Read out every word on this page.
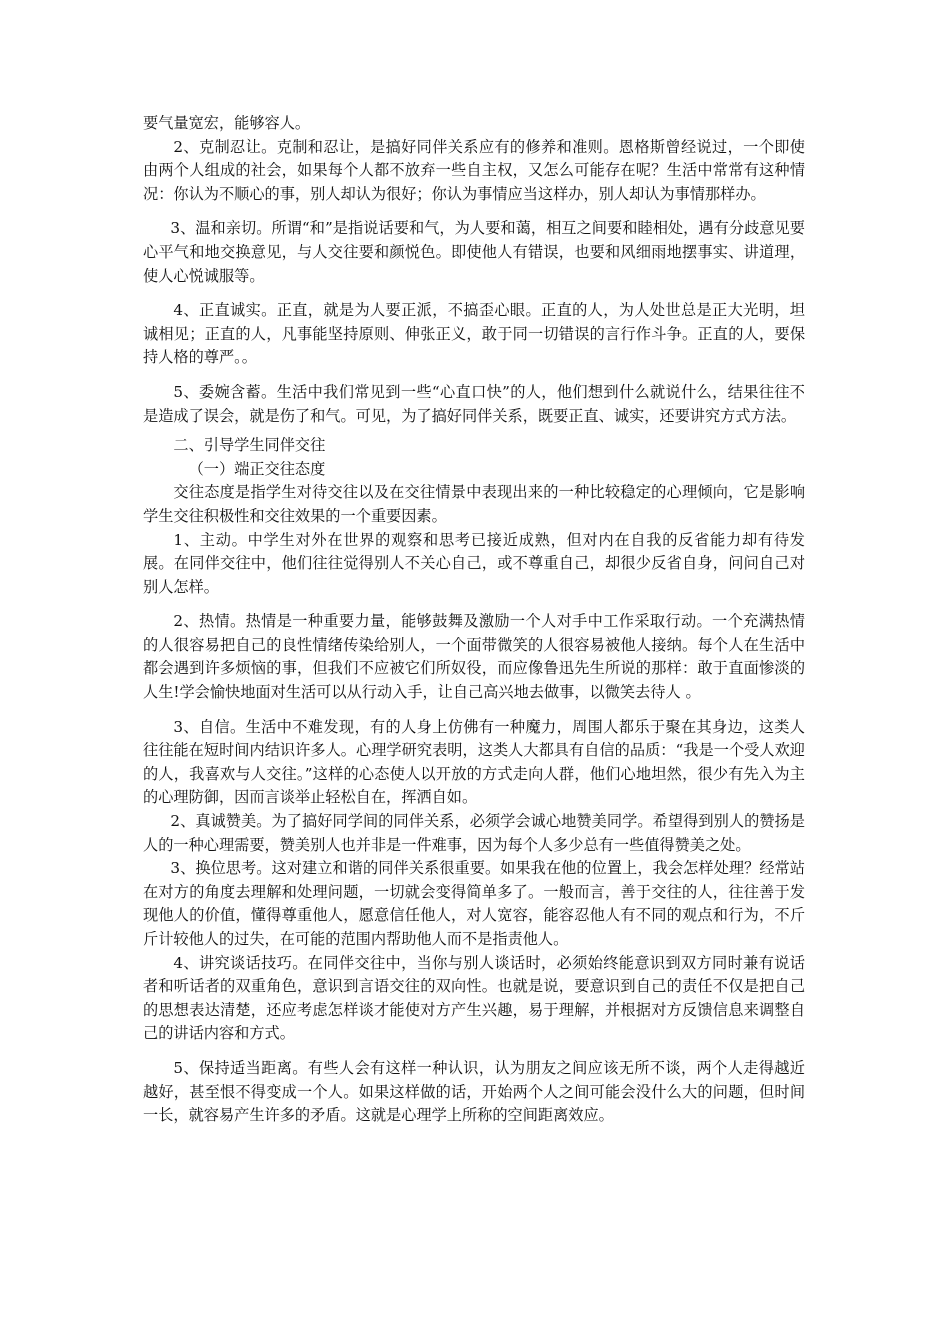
要气量宽宏，能够容人。

2、克制忍让。克制和忍让，是搞好同伴关系应有的修养和准则。恩格斯曾经说过，一个即使由两个人组成的社会，如果每个人都不放弃一些自主权，又怎么可能存在呢？生活中常常有这种情况：你认为不顺心的事，别人却认为很好；你认为事情应当这样办，别人却认为事情那样办。

3、温和亲切。所谓“和”是指说话要和气，为人要和蔼，相互之间要和睦相处，遇有分歧意见要心平气和地交换意见，与人交往要和颜悦色。即使他人有错误，也要和风细雨地摆事实、讲道理，使人心悦诚服等。

4、正直诚实。正直，就是为人要正派，不搞歪心眼。正直的人，为人处世总是正大光明，坦诚相见；正直的人，凡事能坚持原则、伸张正义，敢于同一切错误的言行作斗争。正直的人，要保持人格的尊严。。

5、委婉含蓄。生活中我们常见到一些“心直口快”的人，他们想到什么就说什么，结果往往不是造成了误会，就是伤了和气。可见，为了搞好同伴关系，既要正直、诚实，还要讲究方式方法。

二、引导学生同伴交往

（一）端正交往态度

交往态度是指学生对待交往以及在交往情景中表现出来的一种比较稳定的心理倾向，它是影响学生交往积极性和交往效果的一个重要因素。

1、主动。中学生对外在世界的观察和思考已接近成熟，但对内在自我的反省能力却有待发展。在同伴交往中，他们往往觉得别人不关心自己，或不尊重自己，却很少反省自身，问问自己对别人怎样。

2、热情。热情是一种重要力量，能够鼓舞及激励一个人对手中工作采取行动。一个充满热情的人很容易把自己的良性情绪传染给别人，一个面带微笑的人很容易被他人接纳。每个人在生活中都会遇到许多烦恼的事，但我们不应被它们所奴役，而应像鲁迅先生所说的那样：敢于直面惨淡的人生!学会愉快地面对生活可以从行动入手，让自己高兴地去做事，以微笑去待人 。

3、自信。生活中不难发现，有的人身上仿佛有一种魔力，周围人都乐于聚在其身边，这类人往往能在短时间内结识许多人。心理学研究表明，这类人大都具有自信的品质：“我是一个受人欢迎的人，我喜欢与人交往。”这样的心态使人以开放的方式走向人群，他们心地坦然，很少有先入为主的心理防御，因而言谈举止轻松自在，挥洒自如。

2、真诚赞美。为了搞好同学间的同伴关系，必须学会诚心地赞美同学。希望得到别人的赞扬是人的一种心理需要，赞美别人也并非是一件难事，因为每个人多少总有一些值得赞美之处。

3、换位思考。这对建立和谐的同伴关系很重要。如果我在他的位置上，我会怎样处理？经常站在对方的角度去理解和处理问题，一切就会变得简单多了。一般而言，善于交往的人，往往善于发现他人的价值，懂得尊重他人，愿意信任他人，对人宽容，能容忍他人有不同的观点和行为，不斤斤计较他人的过失，在可能的范围内帮助他人而不是指责他人。

4、讲究谈话技巧。在同伴交往中，当你与别人谈话时，必须始终能意识到双方同时兼有说话者和听话者的双重角色，意识到言语交往的双向性。也就是说，要意识到自己的责任不仅是把自己的思想表达清楚，还应考虑怎样谈才能使对方产生兴趣，易于理解，并根据对方反馈信息来调整自己的讲话内容和方式。

5、保持适当距离。有些人会有这样一种认识，认为朋友之间应该无所不谈，两个人走得越近越好，甚至恨不得变成一个人。如果这样做的话，开始两个人之间可能会没什么大的问题，但时间一长，就容易产生许多的矛盾。这就是心理学上所称的空间距离效应。
